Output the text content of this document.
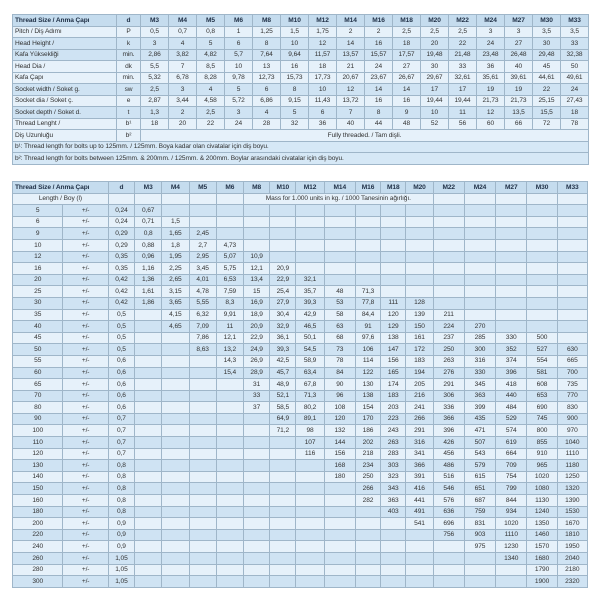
Thread Size / Anma Çapı	d	M3	M4	M5	M6	M8	M10	M12	M14	M16	M18	M20	M22	M24	M27	M30	M33
Pitch / Diş Adımı	P	0,5	0,7	0,8	1	1,25	1,5	1,75	2	2	2,5	2,5	2,5	3	3	3,5	3,5
Head Height /	k	3	4	5	6	8	10	12	14	16	18	20	22	24	27	30	33
Kafa Yüksekliği	min.	2,86	3,82	4,82	5,7	7,64	9,64	11,57	13,57	15,57	17,57	19,48	21,48	23,48	26,48	29,48	32,38
Head Dia /	dk	5,5	7	8,5	10	13	16	18	21	24	27	30	33	36	40	45	50
Kafa Çapı	min.	5,32	6,78	8,28	9,78	12,73	15,73	17,73	20,67	23,67	26,67	29,67	32,61	35,61	39,61	44,61	49,61
Socket width / Soket g.	sw	2,5	3	4	5	6	8	10	12	14	14	17	17	19	19	22	24
Socket dia / Soket ç.	e	2,87	3,44	4,58	5,72	6,86	9,15	11,43	13,72	16	16	19,44	19,44	21,73	21,73	25,15	27,43
Socket depth / Soket d.	t	1,3	2	2,5	3	4	5	6	7	8	9	10	11	12	13,5	15,5	18
Thread Lenght /	b¹	18	20	22	24	28	32	36	40	44	48	52	56	60	66	72	78
Diş Uzunluğu	b²	Fully threaded. / Tam dişli.															
b¹: Thread length for bolts up to 125mm. / 125mm. Boya kadar olan civatalar için diş boyu.																	
b²: Thread length for bolts between 125mm. & 200mm. / 125mm. & 200mm. Boylar arasındaki civatalar için diş boyu.																	
Thread Size / Anma Çapı		d	M3	M4	M5	M6	M8	M10	M12	M14	M16	M18	M20	M22	M24	M27	M30	M33
Length / Boy (l)							Mass for 1.000 units in kg. / 1000 Tanesinin ağırlığı.											
5	+/-	0,24	0,67															
6	+/-	0,24	0,71	1,5														
9	+/-	0,29	0,8	1,65	2,45													
10	+/-	0,29	0,88	1,8	2,7	4,73												
12	+/-	0,35	0,96	1,95	2,95	5,07	10,9											
16	+/-	0,35	1,16	2,25	3,45	5,75	12,1	20,9										
20	+/-	0,42	1,36	2,65	4,01	6,53	13,4	22,9	32,1									
25	+/-	0,42	1,61	3,15	4,78	7,59	15	25,4	35,7	48	71,3							
30	+/-	0,42	1,86	3,65	5,55	8,3	16,9	27,9	39,3	53	77,8	111	128					
35	+/-	0,5		4,15	6,32	9,91	18,9	30,4	42,9	58	84,4	120	139	211				
40	+/-	0,5		4,65	7,09	11	20,9	32,9	46,5	63	91	129	150	224	270			
45	+/-	0,5			7,86	12,1	22,9	36,1	50,1	68	97,6	138	161	237	285	330	500	
50	+/-	0,5			8,63	13,2	24,9	39,3	54,5	73	106	147	172	250	300	352	527	630
55	+/-	0,6				14,3	26,9	42,5	58,9	78	114	156	183	263	316	374	554	665
60	+/-	0,6				15,4	28,9	45,7	63,4	84	122	165	194	276	330	396	581	700
65	+/-	0,6					31	48,9	67,8	90	130	174	205	291	345	418	608	735
70	+/-	0,6					33	52,1	71,3	96	138	183	216	306	363	440	653	770
80	+/-	0,6					37	58,5	80,2	108	154	203	241	336	399	484	690	830
90	+/-	0,7						64,9	89,1	120	170	223	266	366	435	529	745	900
100	+/-	0,7						71,2	98	132	186	243	291	396	471	574	800	970
110	+/-	0,7							107	144	202	263	316	426	507	619	855	1040
120	+/-	0,7							116	156	218	283	341	456	543	664	910	1110
130	+/-	0,8								168	234	303	366	486	579	709	965	1180
140	+/-	0,8								180	250	323	391	516	615	754	1020	1250
150	+/-	0,8									266	343	416	546	651	799	1080	1320
160	+/-	0,8									282	363	441	576	687	844	1130	1390
180	+/-	0,8										403	491	636	759	934	1240	1530
200	+/-	0,9											541	696	831	1020	1350	1670
220	+/-	0,9												756	903	1110	1460	1810
240	+/-	0,9													975	1230	1570	1950
260	+/-	1,05														1340	1680	2040
280	+/-	1,05															1790	2180
300	+/-	1,05															1900	2320
